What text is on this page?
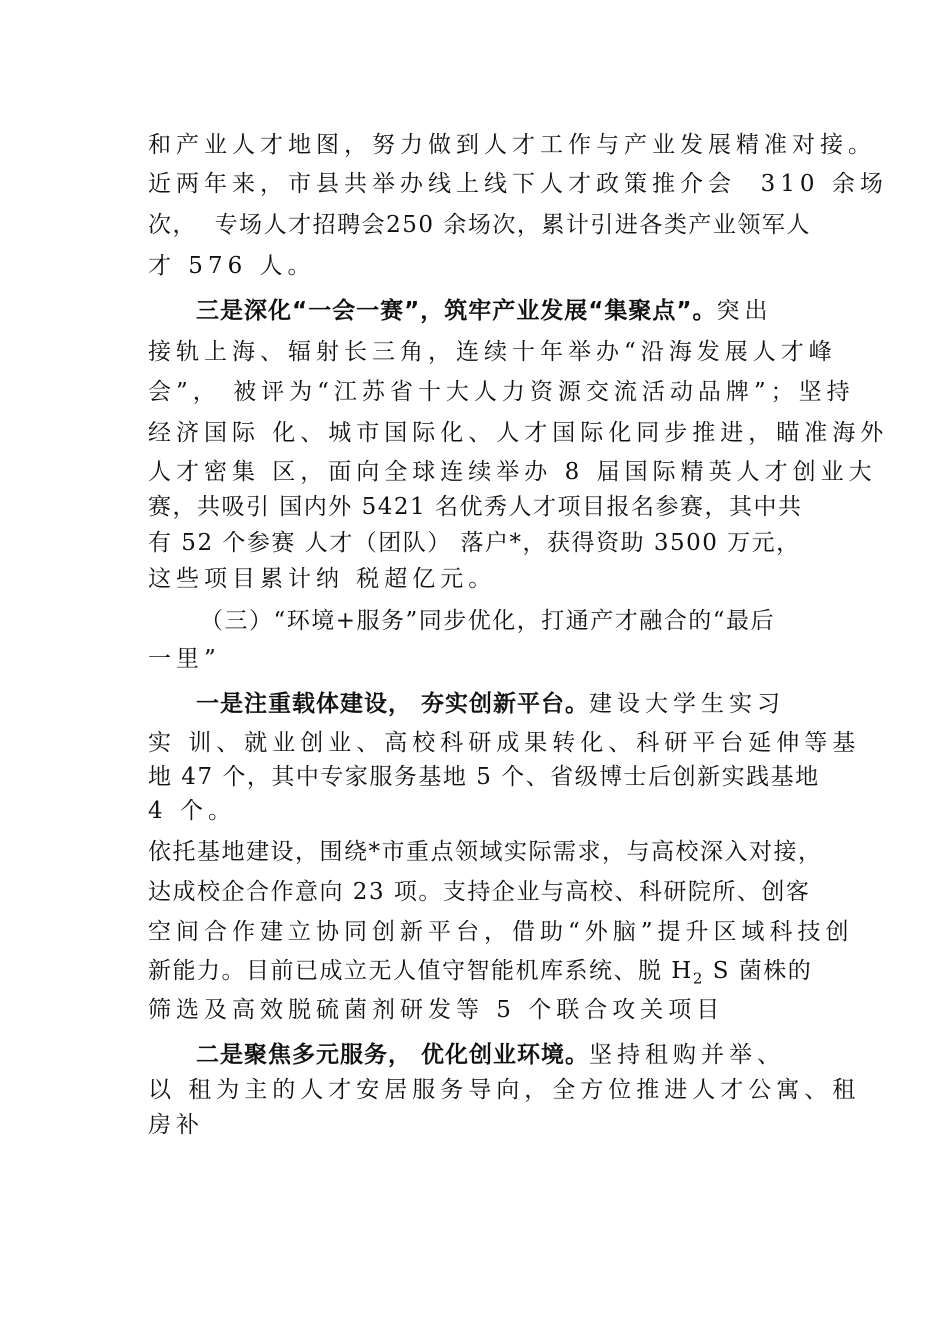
和产业人才地图，努力做到人才工作与产业发展精准对接。
近两年来，市县共举办线上线下人才政策推介会  310 余场
次，  专场人才招聘会250 余场次，累计引进各类产业领军人
才 576 人。
三是深化“一会一赛”，筑牢产业发展“集聚点”。突出
接轨上海、辐射长三角，连续十年举办“沿海发展人才峰
会”， 被评为“江苏省十大人力资源交流活动品牌”；坚持
经济国际 化、城市国际化、人才国际化同步推进，瞄准海外
人才密集 区，面向全球连续举办 8 届国际精英人才创业大
赛，共吸引 国内外 5421 名优秀人才项目报名参赛，其中共
有 52 个参赛 人才（团队） 落户*，获得资助 3500 万元，
这些项目累计纳 税超亿元。
（三）“环境+服务”同步优化，打通产才融合的“最后
一里”
一是注重载体建设， 夯实创新平台。建设大学生实习
实 训、就业创业、高校科研成果转化、科研平台延伸等基
地 47 个，其中专家服务基地 5 个、省级博士后创新实践基地
4 个。
依托基地建设，围绕*市重点领域实际需求，与高校深入对接，
达成校企合作意向 23 项。支持企业与高校、科研院所、创客
空间合作建立协同创新平台，借助“外脑”提升区域科技创
新能力。目前已成立无人值守智能机库系统、脱 $H_2$ S 菌株的
筛选及高效脱硫菌剂研发等 5 个联合攻关项目
二是聚焦多元服务， 优化创业环境。坚持租购并举、
以 租为主的人才安居服务导向，全方位推进人才公寓、租
房补
